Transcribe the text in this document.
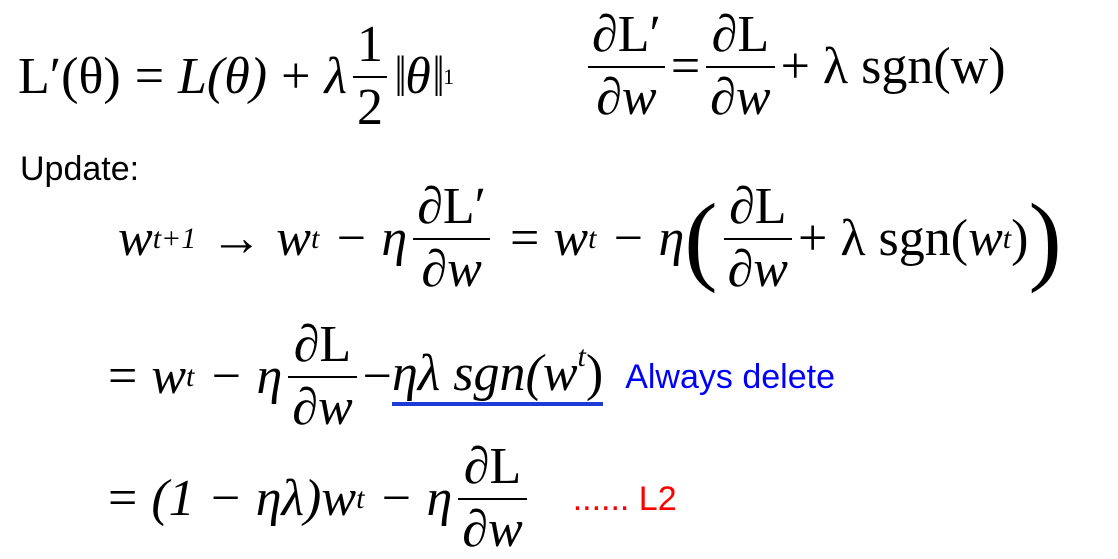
L′(θ) = L(θ) + λ $\frac{1}{2}$ ‖ θ ‖ 1	$\frac{\partial L'}{\partial w} = \frac{\partial L}{\partial w} + \lambda$ sgn(w)
Update:
w t+1 → w t − η $\frac{\partial L'}{\partial w} = w$ t − η ( $\frac{\partial L}{\partial w} + \lambda$ sgn( w t ) )
= w t − η $\frac{\partial L}{\partial w} - \eta\lambda$ $sgn(w^t)$ Always delete
= (1 − ηλ) w t − η $\frac{\partial L}{\partial w}$ ...... L2
